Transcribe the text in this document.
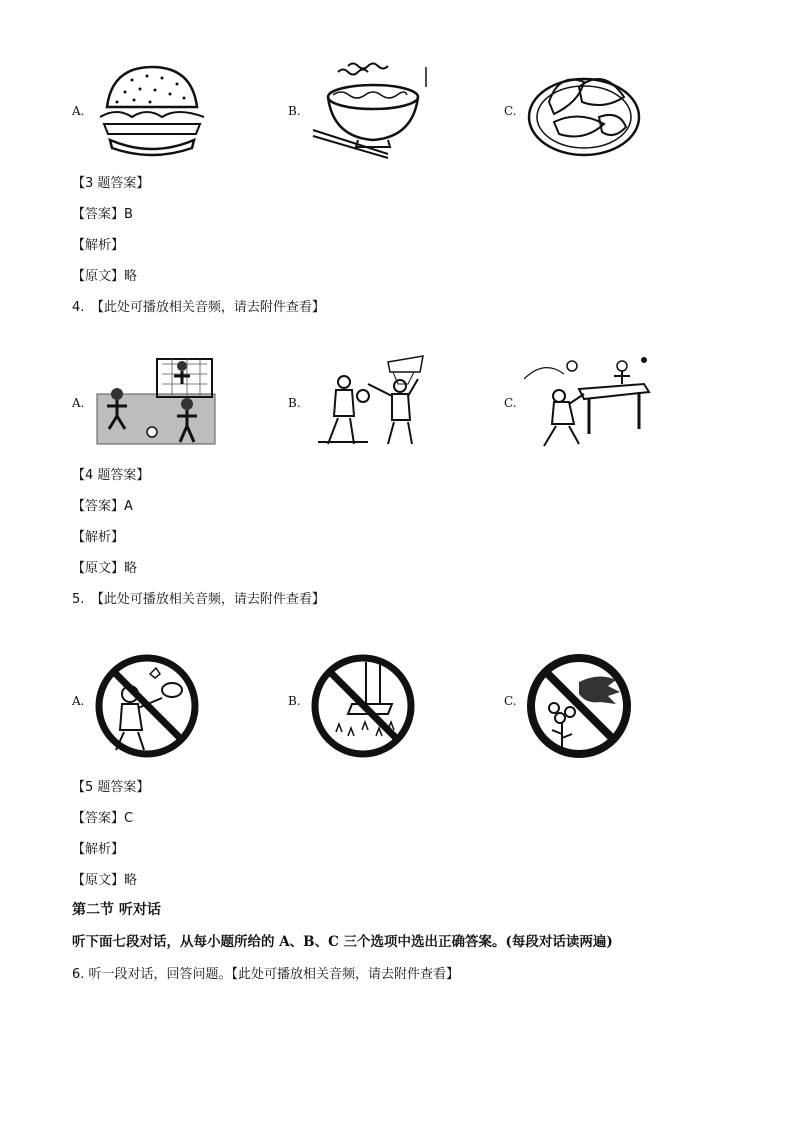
A.	B.	C.
【3 题答案】
【答案】B
【解析】
【原文】略
4.　【此处可播放相关音频，请去附件查看】
A.	B.	C.
【4 题答案】
【答案】A
【解析】
【原文】略
5.　【此处可播放相关音频，请去附件查看】
A.	B.	C.
【5 题答案】
【答案】C
【解析】
【原文】略
第二节 听对话
听下面七段对话，从每小题所给的 A、B、C 三个选项中选出正确答案。(每段对话读两遍)
6. 听一段对话，回答问题。【此处可播放相关音频，请去附件查看】
